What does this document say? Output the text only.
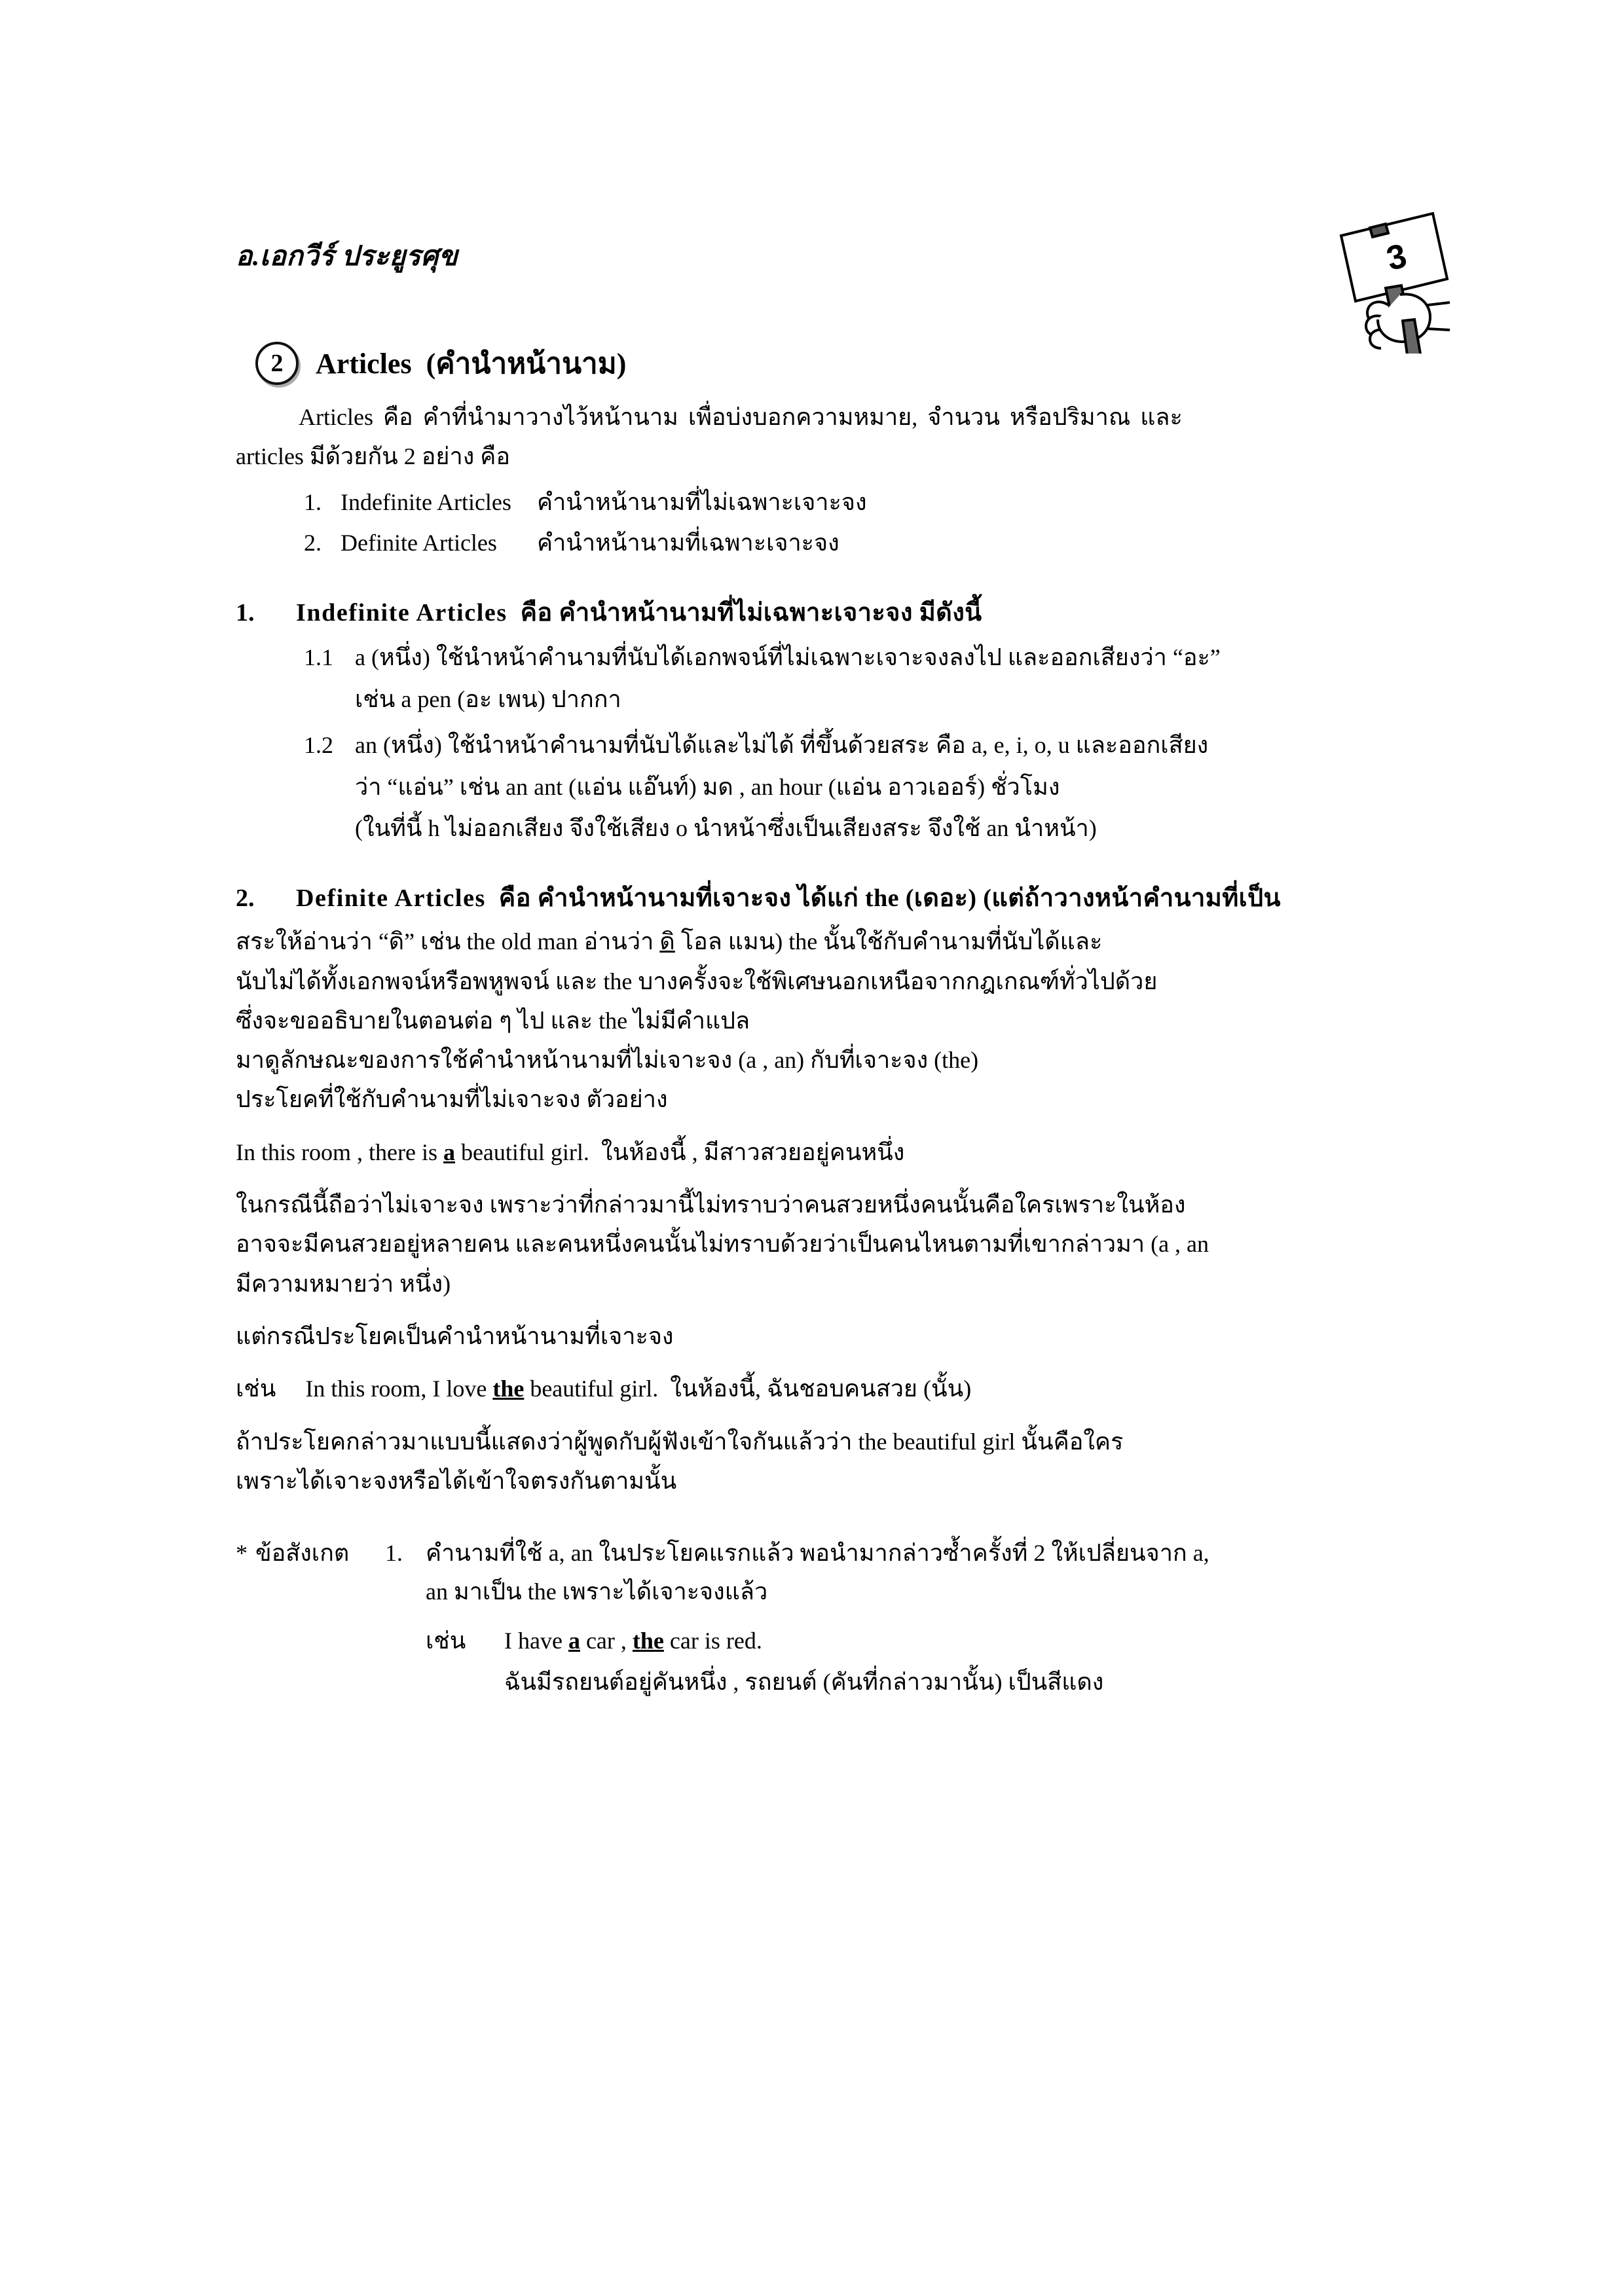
อ.เอกวีร์ ประยูรศุข	3
2	Articles (คำนำหน้านาม)

Articles คือ คำที่นำมาวางไว้หน้านาม เพื่อบ่งบอกความหมาย, จำนวน หรือปริมาณ และ

articles มีด้วยกัน 2 อย่าง คือ

1. Indefinite Articles	คำนำหน้านามที่ไม่เฉพาะเจาะจง
2. Definite Articles	คำนำหน้านามที่เฉพาะเจาะจง
1.	Indefinite Articles คือ คำนำหน้านามที่ไม่เฉพาะเจาะจง มีดังนี้
1.1 a (หนึ่ง) ใช้นำหน้าคำนามที่นับได้เอกพจน์ที่ไม่เฉพาะเจาะจงลงไป และออกเสียงว่า “อะ”

เช่น a pen (อะ เพน) ปากกา

1.2 an (หนึ่ง) ใช้นำหน้าคำนามที่นับได้และไม่ได้ ที่ขึ้นด้วยสระ คือ a, e, i, o, u และออกเสียง

ว่า “แอ่น” เช่น an ant (แอ่น แอ๊นท์) มด , an hour (แอ่น อาวเออร์) ชั่วโมง

(ในที่นี้ h ไม่ออกเสียง จึงใช้เสียง o นำหน้าซึ่งเป็นเสียงสระ จึงใช้ an นำหน้า)

2.	Definite Articles คือ คำนำหน้านามที่เจาะจง ได้แก่ the (เดอะ) (แต่ถ้าวางหน้าคำนามที่เป็น

สระให้อ่านว่า “ดิ” เช่น the old man อ่านว่า ดิ โอล แมน) the นั้นใช้กับคำนามที่นับได้และ

นับไม่ได้ทั้งเอกพจน์หรือพหูพจน์ และ the บางครั้งจะใช้พิเศษนอกเหนือจากกฎเกณฑ์ทั่วไปด้วย

ซึ่งจะขออธิบายในตอนต่อ ๆ ไป และ the ไม่มีคำแปล

มาดูลักษณะของการใช้คำนำหน้านามที่ไม่เจาะจง (a , an) กับที่เจาะจง (the)

ประโยคที่ใช้กับคำนามที่ไม่เจาะจง ตัวอย่าง

In this room , there is a beautiful girl. ในห้องนี้ , มีสาวสวยอยู่คนหนึ่ง

ในกรณีนี้ถือว่าไม่เจาะจง เพราะว่าที่กล่าวมานี้ไม่ทราบว่าคนสวยหนึ่งคนนั้นคือใครเพราะในห้อง

อาจจะมีคนสวยอยู่หลายคน และคนหนึ่งคนนั้นไม่ทราบด้วยว่าเป็นคนไหนตามที่เขากล่าวมา (a , an

มีความหมายว่า หนึ่ง)

แต่กรณีประโยคเป็นคำนำหน้านามที่เจาะจง

เช่น In this room, I love the beautiful girl. ในห้องนี้, ฉันชอบคนสวย (นั้น)

ถ้าประโยคกล่าวมาแบบนี้แสดงว่าผู้พูดกับผู้ฟังเข้าใจกันแล้วว่า the beautiful girl นั้นคือใคร

เพราะได้เจาะจงหรือได้เข้าใจตรงกันตามนั้น

* ข้อสังเกต	1. คำนามที่ใช้ a, an ในประโยคแรกแล้ว พอนำมากล่าวซ้ำครั้งที่ 2 ให้เปลี่ยนจาก a,

an มาเป็น the เพราะได้เจาะจงแล้ว

เช่น	I have a car , the car is red.

ฉันมีรถยนต์อยู่คันหนึ่ง , รถยนต์ (คันที่กล่าวมานั้น) เป็นสีแดง
